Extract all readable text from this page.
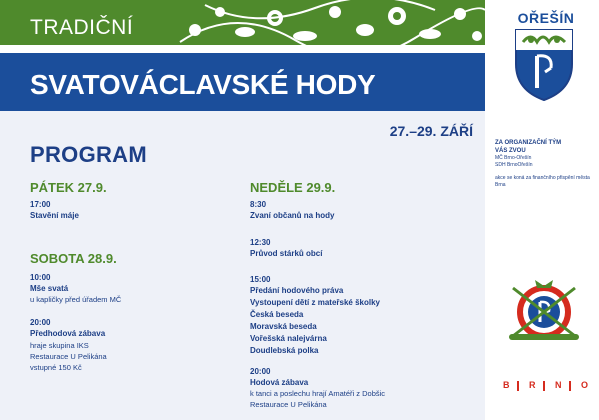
TRADIČNÍ
SVATOVÁCLAVSKÉ HODY
27.–29. ZÁŘÍ
PROGRAM
PÁTEK 27.9.
17:00
Stavění máje
SOBOTA 28.9.
10:00
Mše svatá
u kapličky před úřadem MČ
20:00
Předhodová zábava
hraje skupina IKS
Restaurace U Pelikána
vstupné 150 Kč
NEDĚLE 29.9.
8:30
Zvaní občanů na hody
12:30
Průvod stárků obcí
15:00
Předání hodového práva
Vystoupení dětí z mateřské školky
Česká beseda
Moravská beseda
Vořešská nalejvárna
Doudlebská polka
20:00
Hodová zábava
k tanci a poslechu hrají Amatéři z Dobšic
Restaurace U Pelikána
OŘEŠÍN
ZA ORGANIZAČNÍ TÝM
VÁS ZVOU
MČ Brno-Ořešín
SDH BrnoOřešín
akce se koná za finančního přispění města Brna
B R N O
